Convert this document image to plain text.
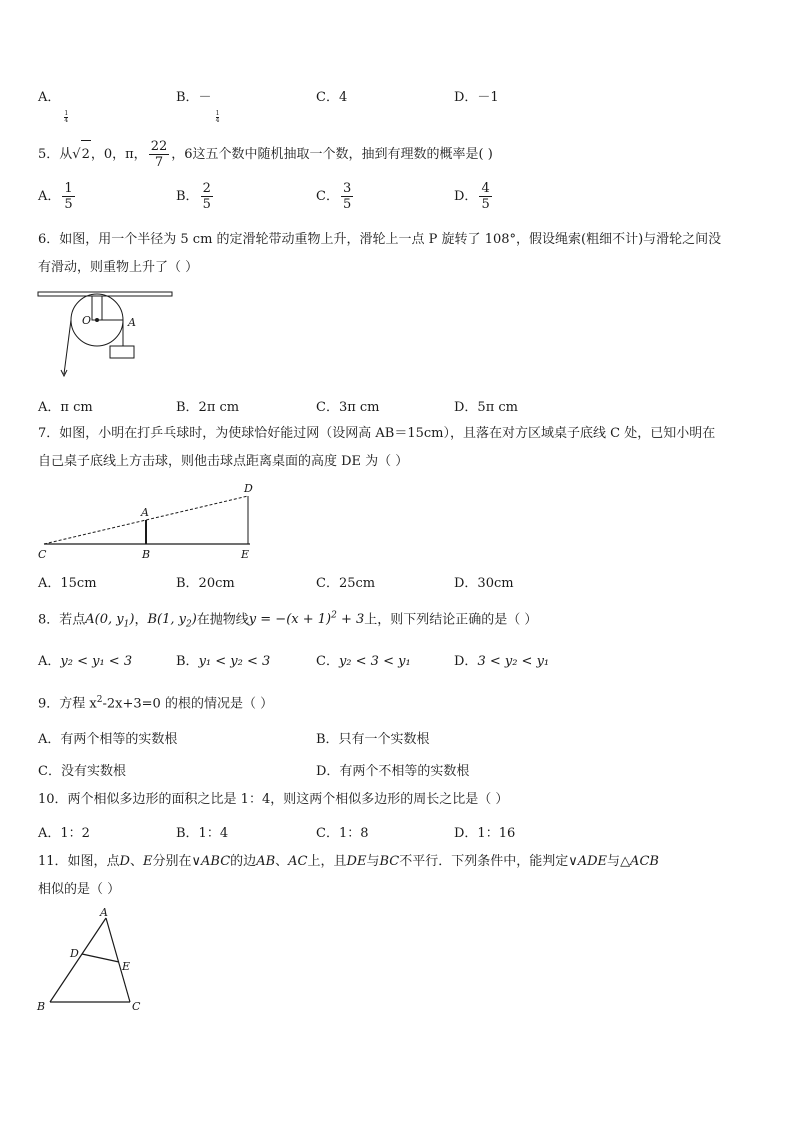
A．
$\frac{1}{4}$
B．－
$\frac{1}{4}$
C．4	D．－1
5．从√2，0，π， $\frac{22}{7}$ ，6这五个数中随机抽取一个数，抽到有理数的概率是( )
A． $\frac{1}{5}$	B． $\frac{2}{5}$	C． $\frac{3}{5}$	D． $\frac{4}{5}$
6．如图，用一个半径为 5 cm 的定滑轮带动重物上升，滑轮上一点 P 旋转了 108°，假设绳索(粗细不计)与滑轮之间没
有滑动，则重物上升了（ ）
O	A
A．π cm	B．2π cm	C．3π cm	D．5π cm
7．如图，小明在打乒乓球时，为使球恰好能过网（设网高 AB＝15cm），且落在对方区域桌子底线 C 处，已知小明在
自己桌子底线上方击球，则他击球点距离桌面的高度 DE 为（ ）
C
A
B
D
E
A．15cm	B．20cm	C．25cm	D．30cm
8．若点A(0, $y_1$)，B(1, $y_2$)在抛物线$y = -(x + 1)^2 + 3$上，则下列结论正确的是（ ）
A．y₂ < y₁ < 3	B．y₁ < y₂ < 3	C．y₂ < 3 < y₁	D．3 < y₂ < y₁
9．方程 $x^2-2x+3=0$ 的根的情况是（ ）
A．有两个相等的实数根	B．只有一个实数根
C．没有实数根	D．有两个不相等的实数根
10．两个相似多边形的面积之比是 1：4，则这两个相似多边形的周长之比是（ ）
A．1：2	B．1：4	C．1：8	D．1：16
11．如图，点D、E分别在∨ABC的边AB、AC上，且DE与BC不平行．下列条件中，能判定∨ADE与△ACB
相似的是（ ）
A
D
E
B	C
